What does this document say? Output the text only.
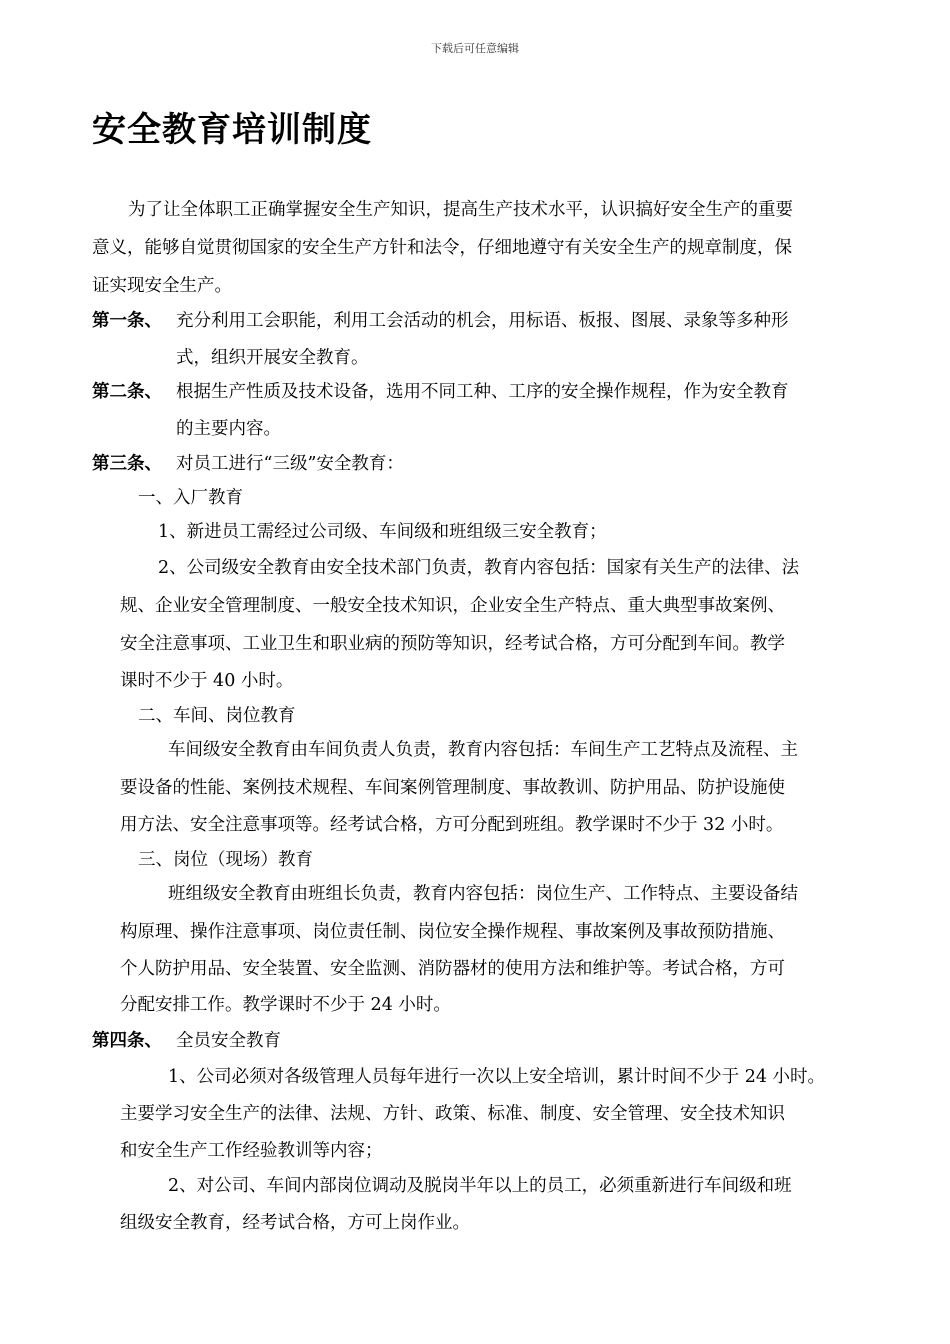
下载后可任意编辑
安全教育培训制度
为了让全体职工正确掌握安全生产知识，提高生产技术水平，认识搞好安全生产的重要
意义，能够自觉贯彻国家的安全生产方针和法令，仔细地遵守有关安全生产的规章制度，保
证实现安全生产。
第一条、 充分利用工会职能，利用工会活动的机会，用标语、板报、图展、录象等多种形
式，组织开展安全教育。
第二条、 根据生产性质及技术设备，选用不同工种、工序的安全操作规程，作为安全教育
的主要内容。
第三条、 对员工进行“三级”安全教育：
一、入厂教育
1、新进员工需经过公司级、车间级和班组级三安全教育；
2、公司级安全教育由安全技术部门负责，教育内容包括：国家有关生产的法律、法
规、企业安全管理制度、一般安全技术知识，企业安全生产特点、重大典型事故案例、
安全注意事项、工业卫生和职业病的预防等知识，经考试合格，方可分配到车间。教学
课时不少于 40 小时。
二、车间、岗位教育
车间级安全教育由车间负责人负责，教育内容包括：车间生产工艺特点及流程、主
要设备的性能、案例技术规程、车间案例管理制度、事故教训、防护用品、防护设施使
用方法、安全注意事项等。经考试合格，方可分配到班组。教学课时不少于 32 小时。
三、岗位（现场）教育
班组级安全教育由班组长负责，教育内容包括：岗位生产、工作特点、主要设备结
构原理、操作注意事项、岗位责任制、岗位安全操作规程、事故案例及事故预防措施、
个人防护用品、安全装置、安全监测、消防器材的使用方法和维护等。考试合格，方可
分配安排工作。教学课时不少于 24 小时。
第四条、 全员安全教育
1、公司必须对各级管理人员每年进行一次以上安全培训，累计时间不少于 24 小时。
主要学习安全生产的法律、法规、方针、政策、标准、制度、安全管理、安全技术知识
和安全生产工作经验教训等内容；
2、对公司、车间内部岗位调动及脱岗半年以上的员工，必须重新进行车间级和班
组级安全教育，经考试合格，方可上岗作业。
